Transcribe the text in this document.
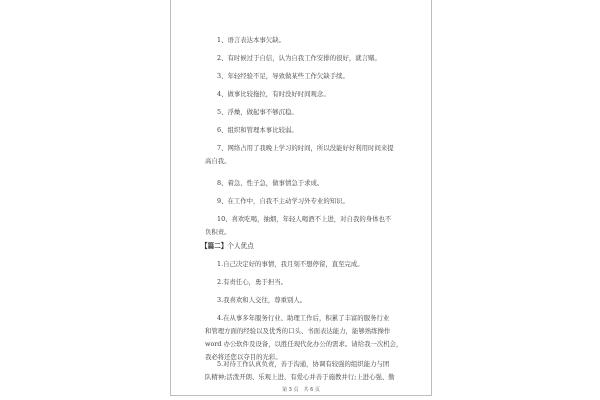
1、语言表达本事欠缺。

2、有时候过于自信，认为自我工作安排的很好，就言赌。

3、年轻经验不足，导致做某些工作欠缺手续。

4、做事比较拖拉，有时没好时间观念。

5、浮燥，做起事不够沉稳。

6、组织和管理本事比较弱。

7、网络占用了我晚上学习的时间，所以没能好好利用时间来提
高自我。

8、着急、性子急，做事情急于求成。

9、在工作中，自我不主动学习外专业的知识。

10、喜欢吃喝，抽烟，年轻人喝酒不上进，对自我的身体也不
负积责。
【篇二】个人优点

1.自己决定好的事情，我月刻不想停留，直至完成。

2.有责任心，勇于担当。

3.我喜欢和人交往，尊重别人。

4.在从事多年服务行业、助理工作后，积累了丰富的服务行业
和管理方面的经验以及优秀的口头、书面表达能力，能够熟练操作
word 办公软件及设备，以胜任现代化办公的需求。请给我一次机会，
我必将还您以夺目的光彩。
5.对待工作认真负责，善于沟通，协调有较强的组织能力与团
队精神;活泼开朗、乐观上进、有爱心并善于施教并行;上进心强、勤
第 3 页　共 6 页
